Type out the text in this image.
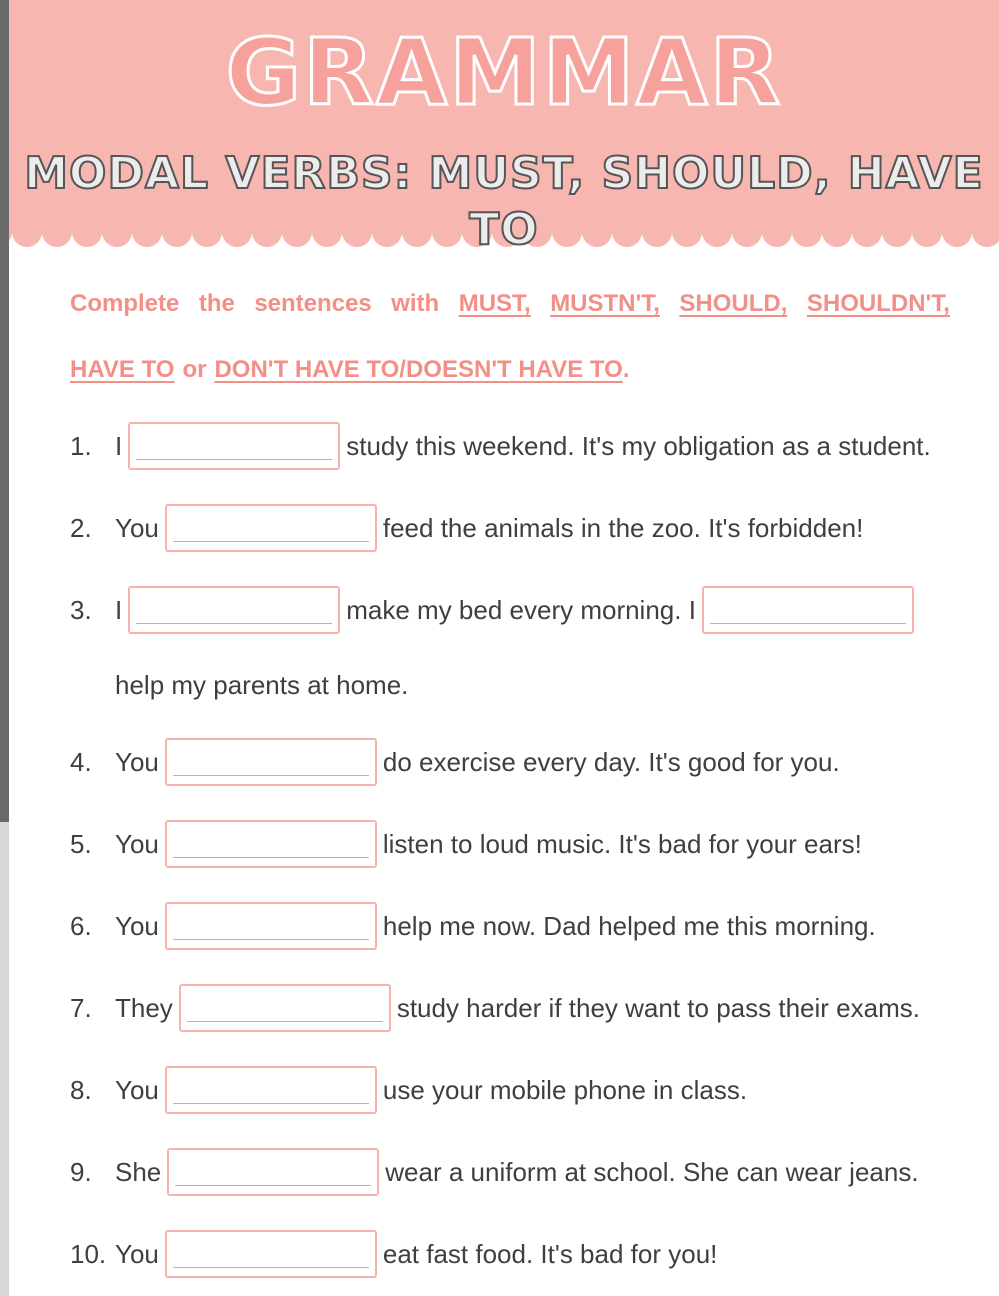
GRAMMAR
MODAL VERBS: MUST, SHOULD, HAVE TO
Complete the sentences with MUST, MUSTN'T, SHOULD, SHOULDN'T,
HAVE TO or DON'T HAVE TO/DOESN'T HAVE TO.
1. I	study this weekend. It's my obligation as a student.
2. You	feed the animals in the zoo. It's forbidden!
3. I	make my bed every morning. I
help my parents at home.
4. You	do exercise every day. It's good for you.
5. You	listen to loud music. It's bad for your ears!
6. You	help me now. Dad helped me this morning.
7. They	study harder if they want to pass their exams.
8. You	use your mobile phone in class.
9. She	wear a uniform at school. She can wear jeans.
10. You	eat fast food. It's bad for you!
